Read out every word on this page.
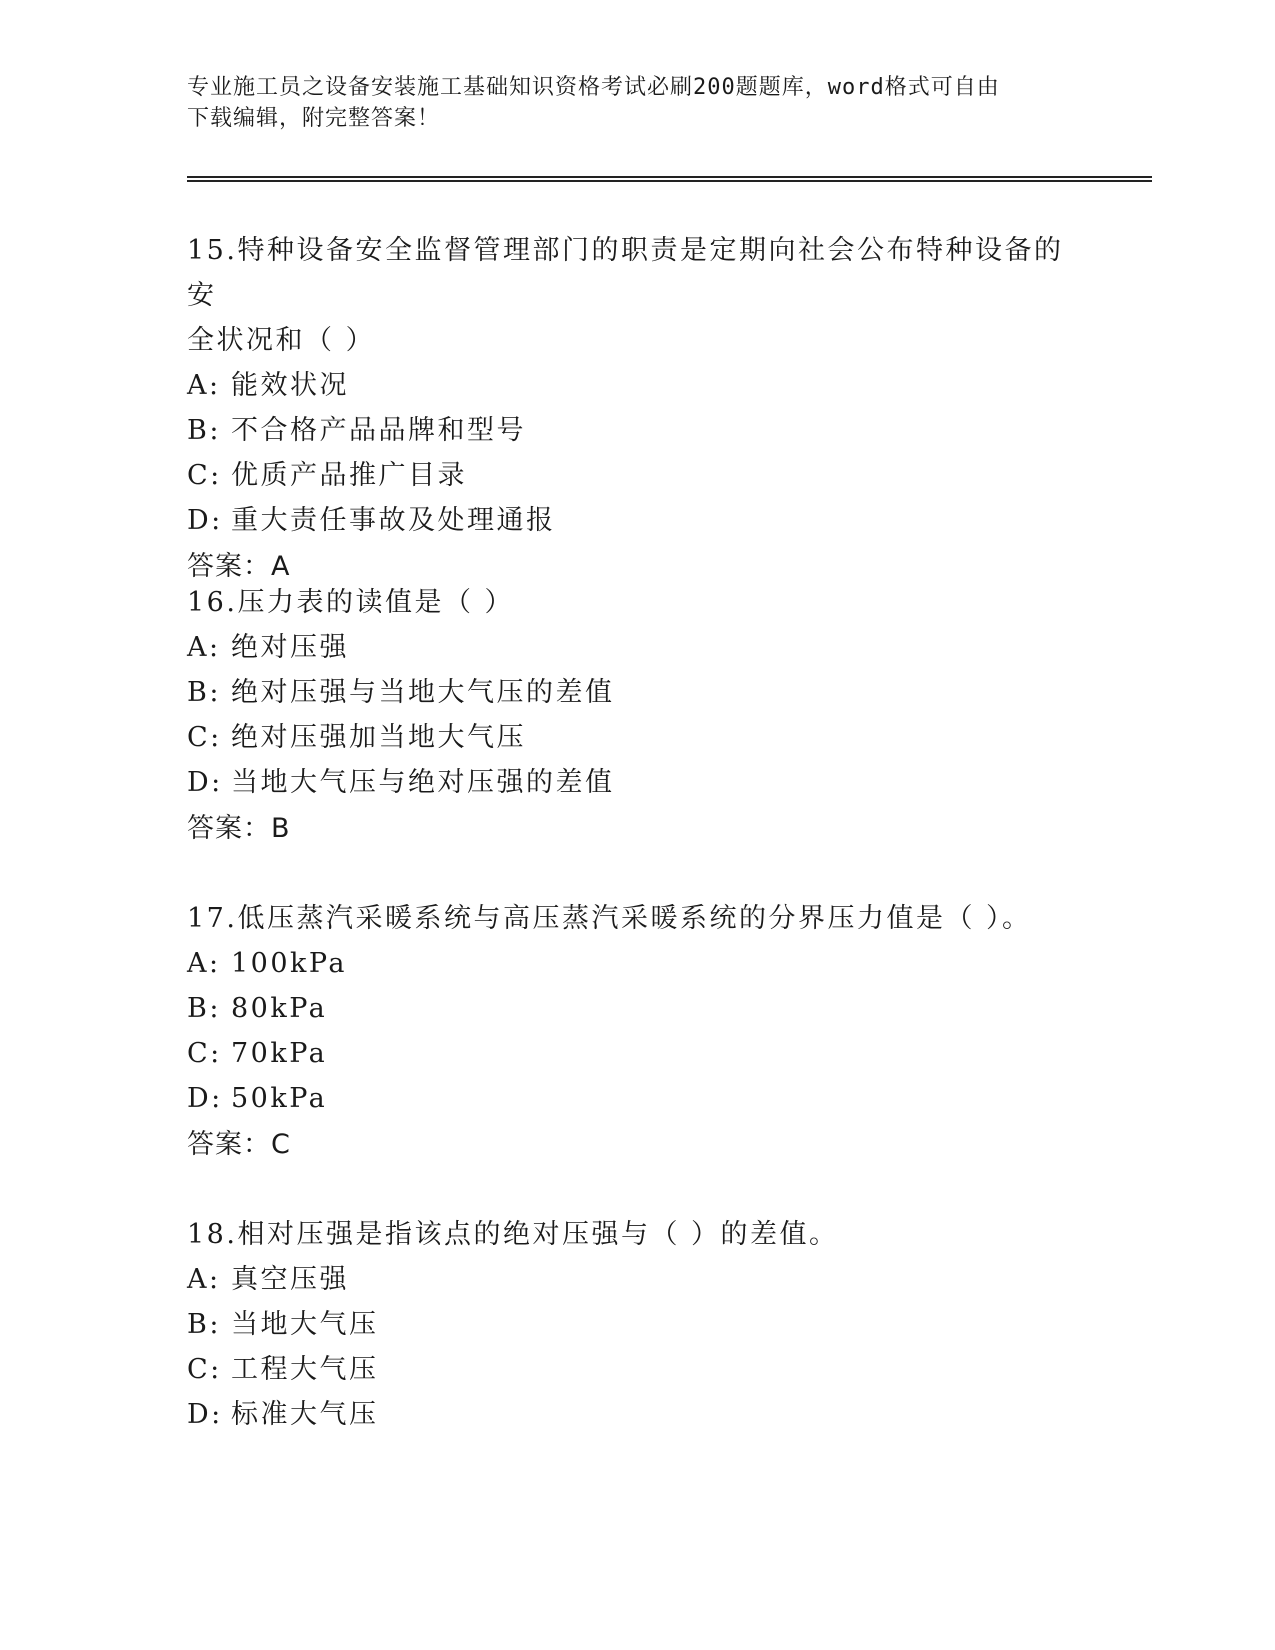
专业施工员之设备安装施工基础知识资格考试必刷200题题库，word格式可自由
下载编辑，附完整答案！

15.特种设备安全监督管理部门的职责是定期向社会公布特种设备的安

全状况和（ ）

A: 能效状况

B: 不合格产品品牌和型号

C: 优质产品推广目录

D: 重大责任事故及处理通报

答案：A

16.压力表的读值是（ ）

A: 绝对压强

B: 绝对压强与当地大气压的差值

C: 绝对压强加当地大气压

D: 当地大气压与绝对压强的差值

答案：B

17.低压蒸汽采暖系统与高压蒸汽采暖系统的分界压力值是（ ）。

A: 100kPa

B: 80kPa

C: 70kPa

D: 50kPa

答案：C

18.相对压强是指该点的绝对压强与（ ）的差值。

A: 真空压强

B: 当地大气压

C: 工程大气压

D: 标准大气压
